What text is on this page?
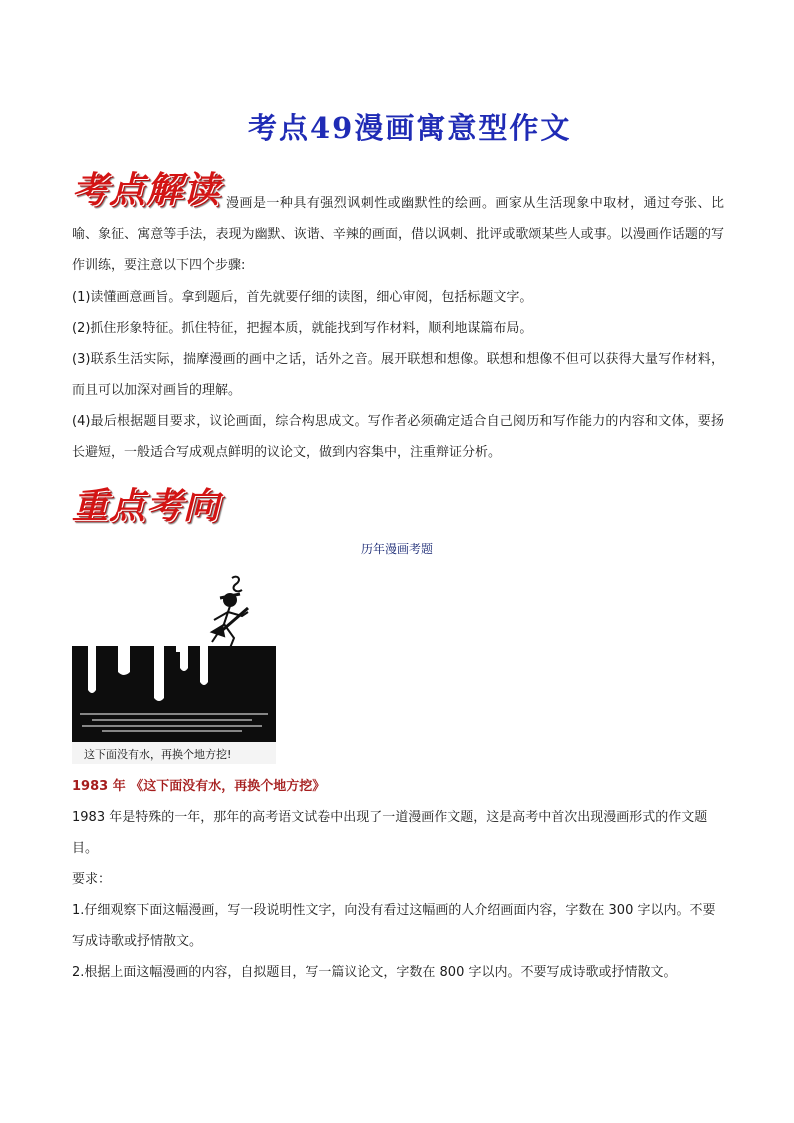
考点49漫画寓意型作文
考点解读 漫画是一种具有强烈讽刺性或幽默性的绘画。画家从生活现象中取材，通过夸张、比喻、象征、寓意等手法，表现为幽默、诙谐、辛辣的画面，借以讽刺、批评或歌颂某些人或事。以漫画作话题的写作训练，要注意以下四个步骤:
(1)读懂画意画旨。拿到题后，首先就要仔细的读图，细心审阅，包括标题文字。
(2)抓住形象特征。抓住特征，把握本质，就能找到写作材料，顺利地谋篇布局。
(3)联系生活实际，揣摩漫画的画中之话，话外之音。展开联想和想像。联想和想像不但可以获得大量写作材料，而且可以加深对画旨的理解。
(4)最后根据题目要求，议论画面，综合构思成文。写作者必须确定适合自己阅历和写作能力的内容和文体，要扬长避短，一般适合写成观点鲜明的议论文，做到内容集中，注重辩证分析。
重点考向
历年漫画考题
这下面没有水，再换个地方挖!
1983 年 《这下面没有水，再换个地方挖》
1983 年是特殊的一年，那年的高考语文试卷中出现了一道漫画作文题，这是高考中首次出现漫画形式的作文题目。
要求：
1.仔细观察下面这幅漫画，写一段说明性文字，向没有看过这幅画的人介绍画面内容，字数在 300 字以内。不要写成诗歌或抒情散文。
2.根据上面这幅漫画的内容，自拟题目，写一篇议论文，字数在 800 字以内。不要写成诗歌或抒情散文。
